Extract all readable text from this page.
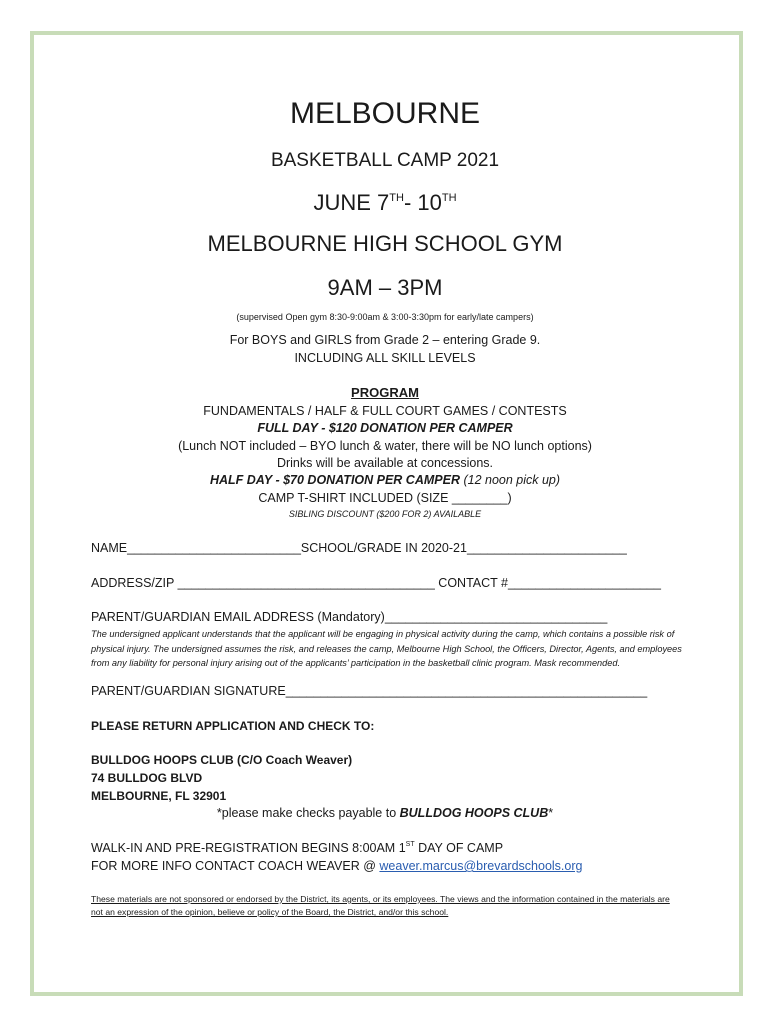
MELBOURNE
BASKETBALL CAMP 2021
JUNE 7TH- 10TH
MELBOURNE HIGH SCHOOL GYM
9AM – 3PM
(supervised Open gym 8:30-9:00am & 3:00-3:30pm for early/late campers)
For BOYS and GIRLS from Grade 2 – entering Grade 9.
INCLUDING ALL SKILL LEVELS
PROGRAM
FUNDAMENTALS / HALF & FULL COURT GAMES / CONTESTS
FULL DAY - $120 DONATION PER CAMPER
(Lunch NOT included – BYO lunch & water, there will be NO lunch options)
Drinks will be available at concessions.
HALF DAY - $70 DONATION PER CAMPER (12 noon pick up)
CAMP T-SHIRT INCLUDED (SIZE ________)
SIBLING DISCOUNT ($200 FOR 2) AVAILABLE
NAME_________________________SCHOOL/GRADE IN 2020-21_______________________
ADDRESS/ZIP _____________________________________ CONTACT #______________________
PARENT/GUARDIAN EMAIL ADDRESS (Mandatory)________________________________
The undersigned applicant understands that the applicant will be engaging in physical activity during the camp, which contains a possible risk of physical injury. The undersigned assumes the risk, and releases the camp, Melbourne High School, the Officers, Director, Agents, and employees from any liability for personal injury arising out of the applicants’ participation in the basketball clinic program. Mask recommended.
PARENT/GUARDIAN SIGNATURE____________________________________________________
PLEASE RETURN APPLICATION AND CHECK TO:
BULLDOG HOOPS CLUB (C/O Coach Weaver)
74 BULLDOG BLVD
MELBOURNE, FL 32901
*please make checks payable to BULLDOG HOOPS CLUB*
WALK-IN AND PRE-REGISTRATION BEGINS 8:00AM 1ST DAY OF CAMP
FOR MORE INFO CONTACT COACH WEAVER @ weaver.marcus@brevardschools.org
These materials are not sponsored or endorsed by the District, its agents, or its employees. The views and the information contained in the materials are not an expression of the opinion, believe or policy of the Board, the District, and/or this school.
